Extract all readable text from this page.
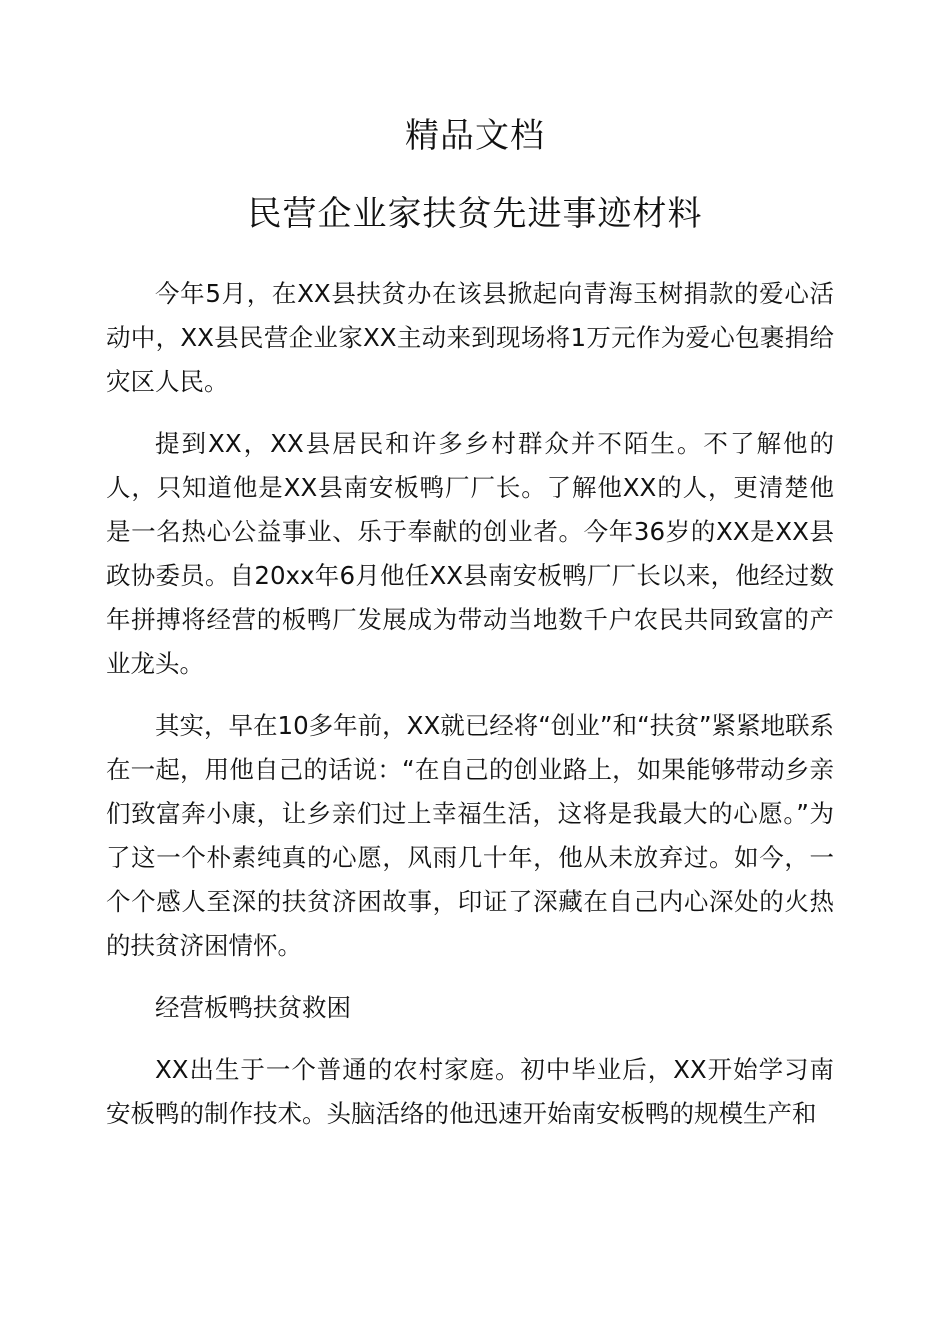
精品文档
民营企业家扶贫先进事迹材料

今年5月，在XX县扶贫办在该县掀起向青海玉树捐款的爱心活动中，XX县民营企业家XX主动来到现场将1万元作为爱心包裹捐给灾区人民。

提到XX，XX县居民和许多乡村群众并不陌生。不了解他的人，只知道他是XX县南安板鸭厂厂长。了解他XX的人，更清楚他是一名热心公益事业、乐于奉献的创业者。今年36岁的XX是XX县政协委员。自20xx年6月他任XX县南安板鸭厂厂长以来，他经过数年拼搏将经营的板鸭厂发展成为带动当地数千户农民共同致富的产业龙头。

其实，早在10多年前，XX就已经将“创业”和“扶贫”紧紧地联系在一起，用他自己的话说：“在自己的创业路上，如果能够带动乡亲们致富奔小康，让乡亲们过上幸福生活，这将是我最大的心愿。”为了这一个朴素纯真的心愿，风雨几十年，他从未放弃过。如今，一个个感人至深的扶贫济困故事，印证了深藏在自己内心深处的火热的扶贫济困情怀。

经营板鸭扶贫救困

XX出生于一个普通的农村家庭。初中毕业后，XX开始学习南安板鸭的制作技术。头脑活络的他迅速开始南安板鸭的规模生产和
